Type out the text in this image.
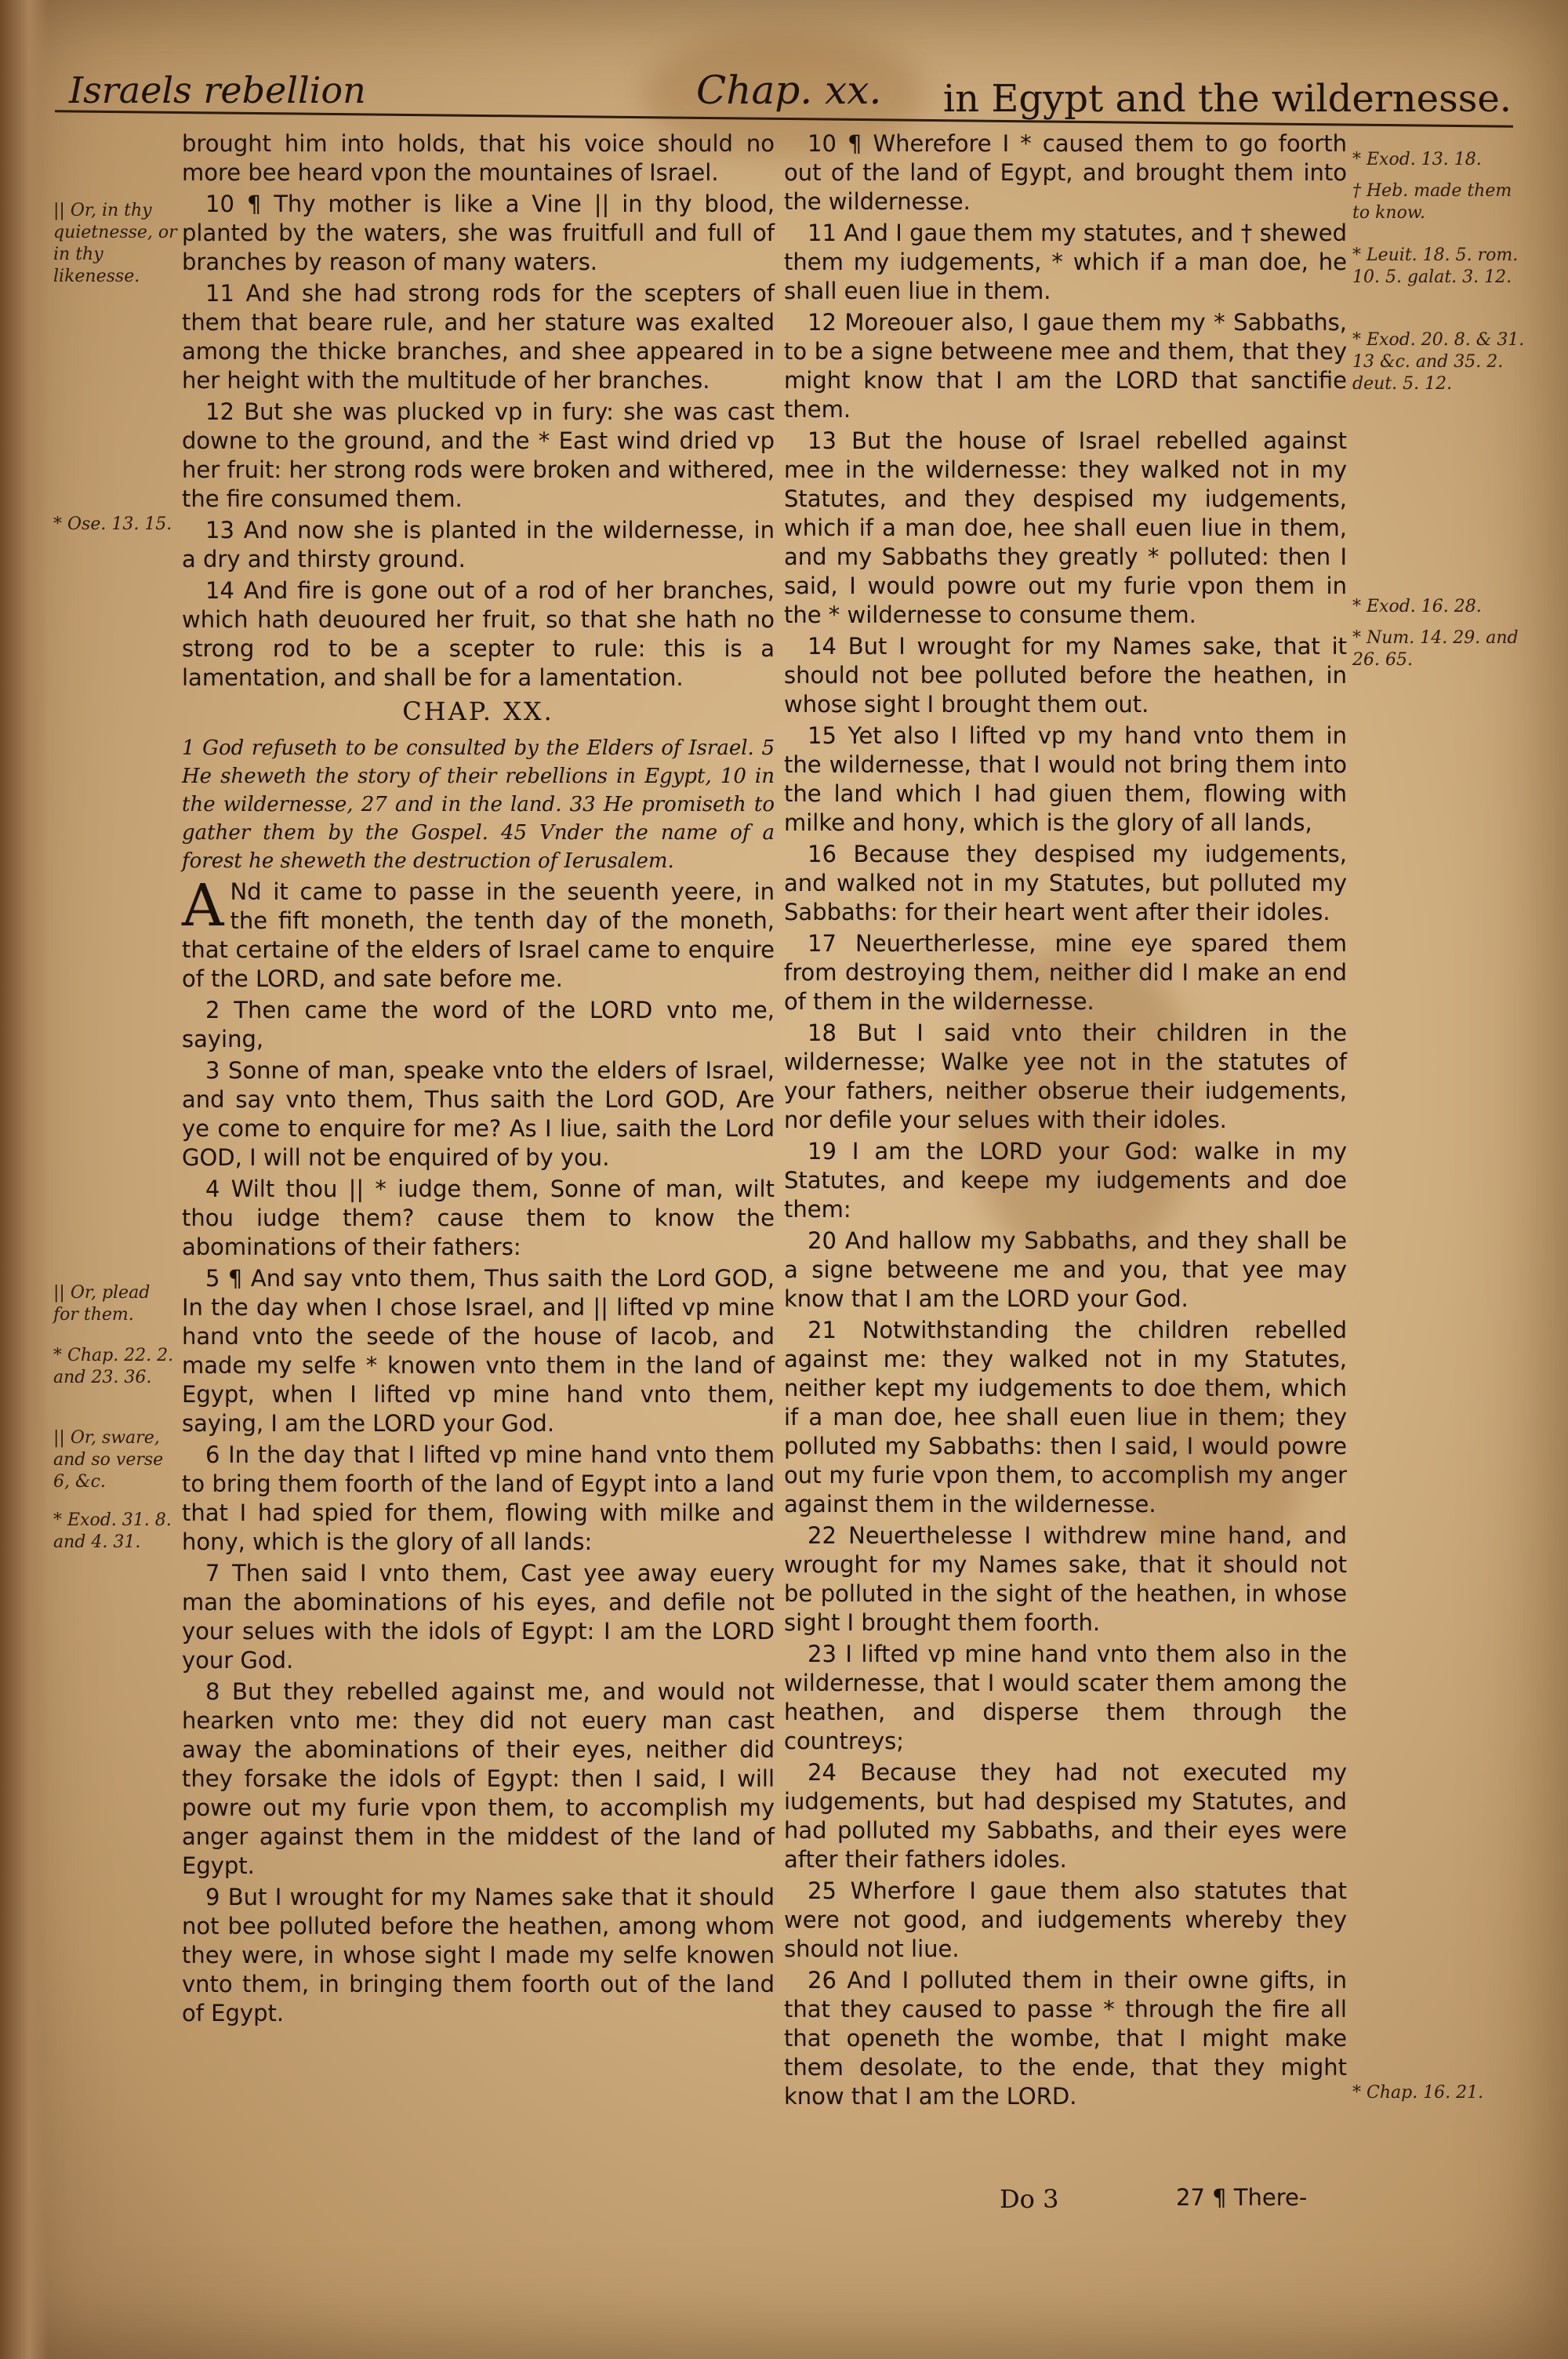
Israels rebellion	Chap. xx. in Egypt and the wildernesse.
|| Or, in thy quietnesse, or in thy likenesse.
* Ose. 13. 15.
|| Or, plead for them.
* Chap. 22. 2. and 23. 36.
|| Or, sware, and so verse 6, &c.
* Exod. 31. 8. and 4. 31.

brought him into holds, that his voice should no more bee heard vpon the mountaines of Israel.

10 ¶ Thy mother is like a Vine || in thy blood, planted by the waters, she was fruitfull and full of branches by reason of many waters.

11 And she had strong rods for the scepters of them that beare rule, and her stature was exalted among the thicke branches, and shee appeared in her height with the multitude of her branches.

12 But she was plucked vp in fury: she was cast downe to the ground, and the * East wind dried vp her fruit: her strong rods were broken and withered, the fire consumed them.

13 And now she is planted in the wildernesse, in a dry and thirsty ground.

14 And fire is gone out of a rod of her branches, which hath deuoured her fruit, so that she hath no strong rod to be a scepter to rule: this is a lamentation, and shall be for a lamentation.

CHAP. XX.

1 God refuseth to be consulted by the Elders of Israel. 5 He sheweth the story of their rebellions in Egypt, 10 in the wildernesse, 27 and in the land. 33 He promiseth to gather them by the Gospel. 45 Vnder the name of a forest he sheweth the destruction of Ierusalem.

A Nd it came to passe in the seuenth yeere, in the fift moneth, the tenth day of the moneth, that certaine of the elders of Israel came to enquire of the LORD, and sate before me.

2 Then came the word of the LORD vnto me, saying,

3 Sonne of man, speake vnto the elders of Israel, and say vnto them, Thus saith the Lord GOD, Are ye come to enquire for me? As I liue, saith the Lord GOD, I will not be enquired of by you.

4 Wilt thou || * iudge them, Sonne of man, wilt thou iudge them? cause them to know the abominations of their fathers:

5 ¶ And say vnto them, Thus saith the Lord GOD, In the day when I chose Israel, and || lifted vp mine hand vnto the seede of the house of Iacob, and made my selfe * knowen vnto them in the land of Egypt, when I lifted vp mine hand vnto them, saying, I am the LORD your God.

6 In the day that I lifted vp mine hand vnto them to bring them foorth of the land of Egypt into a land that I had spied for them, flowing with milke and hony, which is the glory of all lands:

7 Then said I vnto them, Cast yee away euery man the abominations of his eyes, and defile not your selues with the idols of Egypt: I am the LORD your God.

8 But they rebelled against me, and would not hearken vnto me: they did not euery man cast away the abominations of their eyes, neither did they forsake the idols of Egypt: then I said, I will powre out my furie vpon them, to accomplish my anger against them in the middest of the land of Egypt.

9 But I wrought for my Names sake that it should not bee polluted before the heathen, among whom they were, in whose sight I made my selfe knowen vnto them, in bringing them foorth out of the land of Egypt.

10 ¶ Wherefore I * caused them to go foorth out of the land of Egypt, and brought them into the wildernesse.

11 And I gaue them my statutes, and † shewed them my iudgements, * which if a man doe, he shall euen liue in them.

12 Moreouer also, I gaue them my * Sabbaths, to be a signe betweene mee and them, that they might know that I am the LORD that sanctifie them.

13 But the house of Israel rebelled against mee in the wildernesse: they walked not in my Statutes, and they despised my iudgements, which if a man doe, hee shall euen liue in them, and my Sabbaths they greatly * polluted: then I said, I would powre out my furie vpon them in the * wildernesse to consume them.

14 But I wrought for my Names sake, that it should not bee polluted before the heathen, in whose sight I brought them out.

15 Yet also I lifted vp my hand vnto them in the wildernesse, that I would not bring them into the land which I had giuen them, flowing with milke and hony, which is the glory of all lands,

16 Because they despised my iudgements, and walked not in my Statutes, but polluted my Sabbaths: for their heart went after their idoles.

17 Neuertherlesse, mine eye spared them from destroying them, neither did I make an end of them in the wildernesse.

18 But I said vnto their children in the wildernesse; Walke yee not in the statutes of your fathers, neither obserue their iudgements, nor defile your selues with their idoles.

19 I am the LORD your God: walke in my Statutes, and keepe my iudgements and doe them:

20 And hallow my Sabbaths, and they shall be a signe betweene me and you, that yee may know that I am the LORD your God.

21 Notwithstanding the children rebelled against me: they walked not in my Statutes, neither kept my iudgements to doe them, which if a man doe, hee shall euen liue in them; they polluted my Sabbaths: then I said, I would powre out my furie vpon them, to accomplish my anger against them in the wildernesse.

22 Neuerthelesse I withdrew mine hand, and wrought for my Names sake, that it should not be polluted in the sight of the heathen, in whose sight I brought them foorth.

23 I lifted vp mine hand vnto them also in the wildernesse, that I would scater them among the heathen, and disperse them through the countreys;

24 Because they had not executed my iudgements, but had despised my Statutes, and had polluted my Sabbaths, and their eyes were after their fathers idoles.

25 Wherfore I gaue them also statutes that were not good, and iudgements whereby they should not liue.

26 And I polluted them in their owne gifts, in that they caused to passe * through the fire all that openeth the wombe, that I might make them desolate, to the ende, that they might know that I am the LORD.

* Exod. 13. 18.
† Heb. made them to know.
* Leuit. 18. 5. rom. 10. 5. galat. 3. 12.
* Exod. 20. 8. & 31. 13 &c. and 35. 2. deut. 5. 12.
* Exod. 16. 28.
* Num. 14. 29. and 26. 65.
* Chap. 16. 21.
Do 3	27 ¶ There-
